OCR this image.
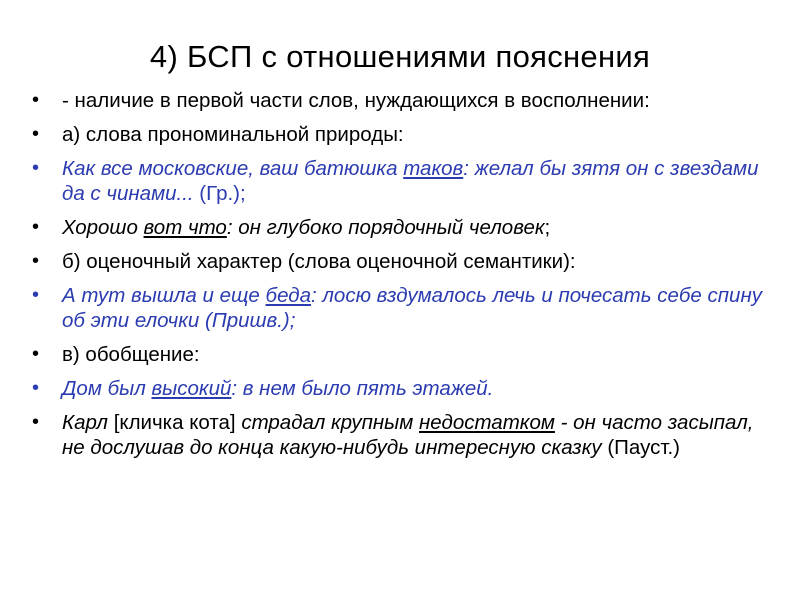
4) БСП с отношениями пояснения
•	- наличие в первой части слов, нуждающихся в восполнении:
•	а) слова прономинальной природы:
•	Как все московские, ваш батюшка таков: желал бы зятя он с звездами да с чинами... (Гр.);
•	Хорошо вот что: он глубоко порядочный человек;
•	б) оценочный характер (слова оценочной семантики):
•	А тут вышла и еще беда: лосю вздумалось лечь и почесать себе спину об эти елочки (Пришв.);
•	в) обобщение:
•	Дом был высокий: в нем было пять этажей.
•	Карл [кличка кота] страдал крупным недостатком - он часто засыпал, не дослушав до конца какую-нибудь интересную сказку (Пауст.)
